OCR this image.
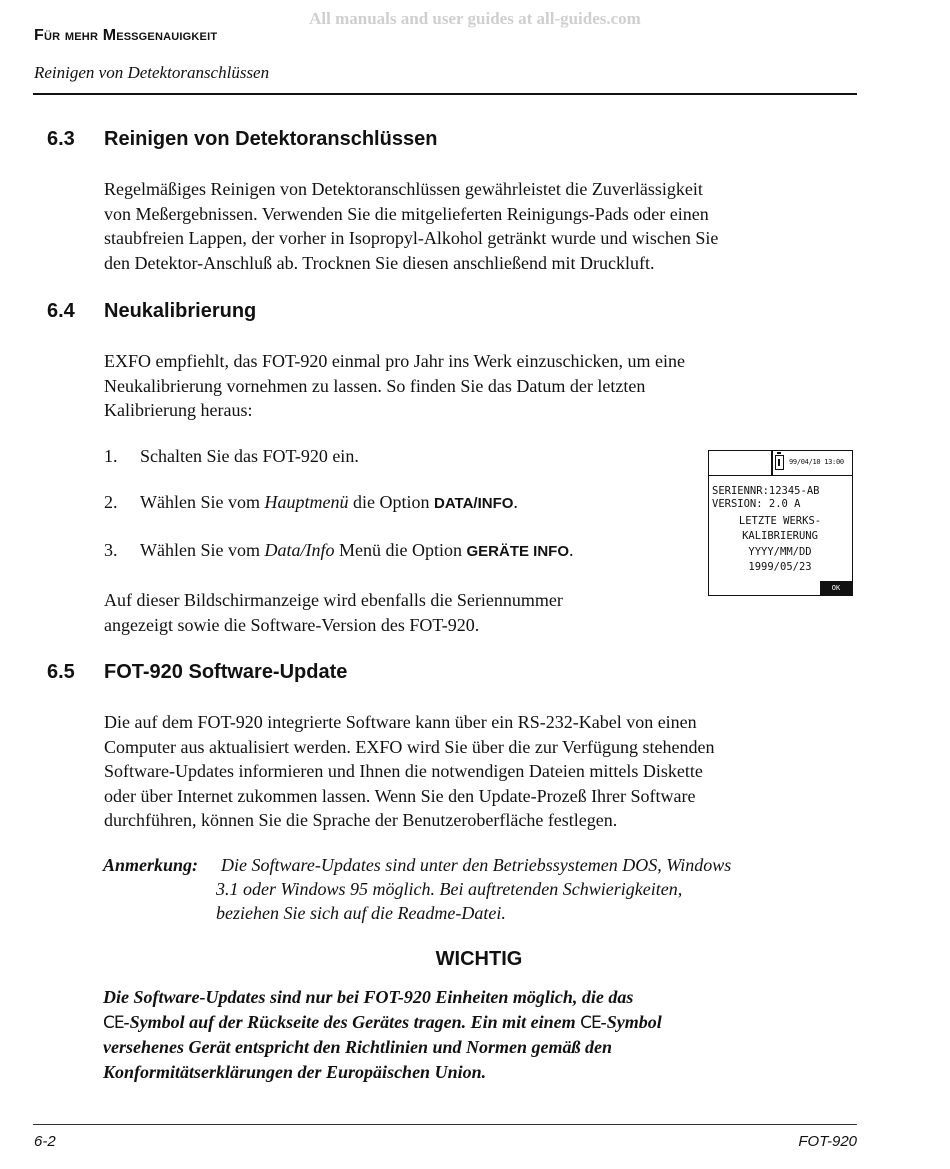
All manuals and user guides at all-guides.com
Für mehr Meßgenauigkeit
Reinigen von Detektoranschlüssen
6.3 Reinigen von Detektoranschlüssen

Regelmäßiges Reinigen von Detektoranschlüssen gewährleistet die Zuverlässigkeit

von Meßergebnissen. Verwenden Sie die mitgelieferten Reinigungs-Pads oder einen

staubfreien Lappen, der vorher in Isopropyl-Alkohol getränkt wurde und wischen Sie

den Detektor-Anschluß ab. Trocknen Sie diesen anschließend mit Druckluft.

6.4 Neukalibrierung

EXFO empfiehlt, das FOT-920 einmal pro Jahr ins Werk einzuschicken, um eine

Neukalibrierung vornehmen zu lassen. So finden Sie das Datum der letzten

Kalibrierung heraus:

1. Schalten Sie das FOT-920 ein.
2. Wählen Sie vom Hauptmenü die Option DATA/INFO.
3. Wählen Sie vom Data/Info Menü die Option GERÄTE INFO.

Auf dieser Bildschirmanzeige wird ebenfalls die Seriennummer

angezeigt sowie die Software-Version des FOT-920.

99/04/10 13:00
SERIENNR:12345-AB
VERSION: 2.0 A
LETZTE WERKS-
KALIBRIERUNG
YYYY/MM/DD
1999/05/23
OK
6.5 FOT-920 Software-Update

Die auf dem FOT-920 integrierte Software kann über ein RS-232-Kabel von einen

Computer aus aktualisiert werden. EXFO wird Sie über die zur Verfügung stehenden

Software-Updates informieren und Ihnen die notwendigen Dateien mittels Diskette

oder über Internet zukommen lassen. Wenn Sie den Update-Prozeß Ihrer Software

durchführen, können Sie die Sprache der Benutzeroberfläche festlegen.

Anmerkung: Die Software-Updates sind unter den Betriebssystemen DOS, Windows
3.1 oder Windows 95 möglich. Bei auftretenden Schwierigkeiten,
beziehen Sie sich auf die Readme-Datei.
WICHTIG

Die Software-Updates sind nur bei FOT-920 Einheiten möglich, die das

CE-Symbol auf der Rückseite des Gerätes tragen. Ein mit einem CE-Symbol

versehenes Gerät entspricht den Richtlinien und Normen gemäß den

Konformitätserklärungen der Europäischen Union.

6-2	FOT-920
